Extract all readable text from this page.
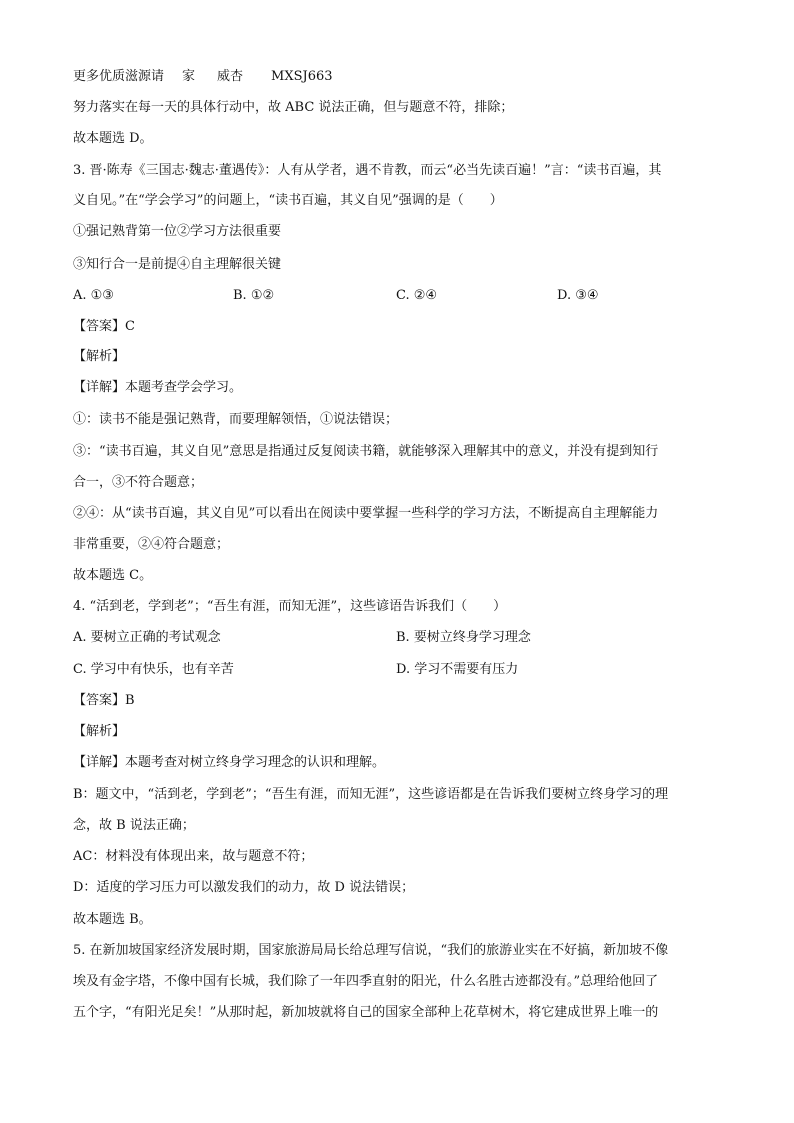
更多优质滋源请 家 威杏 MXSJ663
努力落实在每一天的具体行动中，故 ABC 说法正确，但与题意不符，排除；
故本题选 D。
3. 晋·陈寿《三国志·魏志·董遇传》：人有从学者，遇不肯教，而云“必当先读百遍！”言：“读书百遍，其
义自见。”在“学会学习”的问题上，“读书百遍，其义自见”强调的是（　　）
①强记熟背第一位②学习方法很重要
③知行合一是前提④自主理解很关键
A. ①③	B. ①②	C. ②④	D. ③④
【答案】C
【解析】
【详解】本题考查学会学习。
①：读书不能是强记熟背，而要理解领悟，①说法错误；
③：“读书百遍，其义自见”意思是指通过反复阅读书籍，就能够深入理解其中的意义，并没有提到知行
合一，③不符合题意；
②④：从“读书百遍，其义自见”可以看出在阅读中要掌握一些科学的学习方法，不断提高自主理解能力
非常重要，②④符合题意；
故本题选 C。
4. “活到老，学到老”；“吾生有涯，而知无涯”，这些谚语告诉我们（　　）
A. 要树立正确的考试观念	B. 要树立终身学习理念
C. 学习中有快乐，也有辛苦	D. 学习不需要有压力
【答案】B
【解析】
【详解】本题考查对树立终身学习理念的认识和理解。
B：题文中，“活到老，学到老”；“吾生有涯，而知无涯”，这些谚语都是在告诉我们要树立终身学习的理
念，故 B 说法正确；
AC：材料没有体现出来，故与题意不符；
D：适度的学习压力可以激发我们的动力，故 D 说法错误；
故本题选 B。
5. 在新加坡国家经济发展时期，国家旅游局局长给总理写信说，“我们的旅游业实在不好搞，新加坡不像
埃及有金字塔，不像中国有长城，我们除了一年四季直射的阳光，什么名胜古迹都没有。”总理给他回了
五个字，“有阳光足矣！”从那时起，新加坡就将自己的国家全部种上花草树木，将它建成世界上唯一的
